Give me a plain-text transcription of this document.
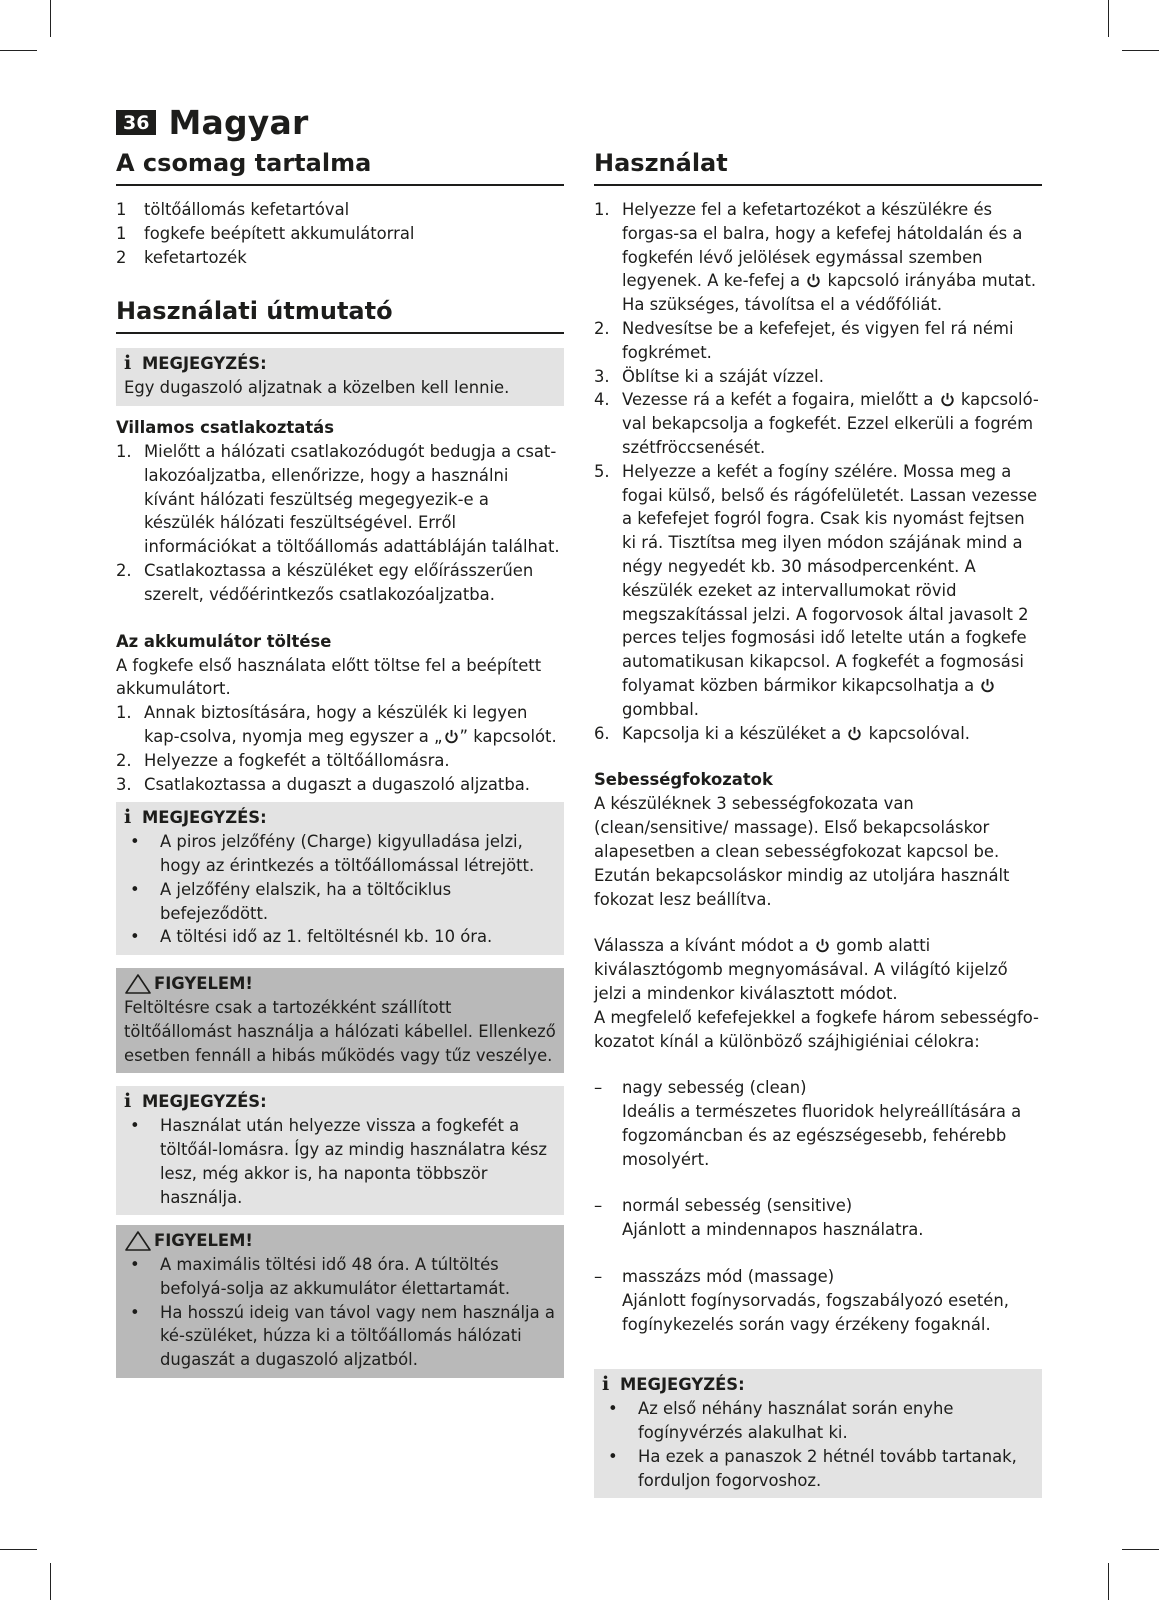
36 Magyar
A csomag tartalma
1	töltőállomás kefetartóval
1	fogkefe beépített akkumulátorral
2	kefetartozék
Használati útmutató
i MEGJEGYZÉS:

Egy dugaszoló aljzatnak a közelben kell lennie.

Villamos csatlakoztatás
1. Mielőtt a hálózati csatlakozódugót bedugja a csat-lakozóaljzatba, ellenőrizze, hogy a használni kívánt hálózati feszültség megegyezik-e a készülék hálózati feszültségével. Erről információkat a töltőállomás adattábláján találhat.
2. Csatlakoztassa a készüléket egy előírásszerűen szerelt, védőérintkezős csatlakozóaljzatba.
Az akkumulátor töltése

A fogkefe első használata előtt töltse fel a beépített akkumulátort.

1. Annak biztosítására, hogy a készülék ki legyen kap-csolva, nyomja meg egyszer a „ ” kapcsolót.
2. Helyezze a fogkefét a töltőállomásra.
3. Csatlakoztassa a dugaszt a dugaszoló aljzatba.
i MEGJEGYZÉS:
•	A piros jelzőfény (Charge) kigyulladása jelzi, hogy az érintkezés a töltőállomással létrejött.
•	A jelzőfény elalszik, ha a töltőciklus befejeződött.
•	A töltési idő az 1. feltöltésnél kb. 10 óra.
FIGYELEM!

Feltöltésre csak a tartozékként szállított töltőállomást használja a hálózati kábellel. Ellenkező esetben fennáll a hibás működés vagy tűz veszélye.

i MEGJEGYZÉS:
•	Használat után helyezze vissza a fogkefét a töltőál-lomásra. Így az mindig használatra kész lesz, még akkor is, ha naponta többször használja.
FIGYELEM!
•	A maximális töltési idő 48 óra. A túltöltés befolyá-solja az akkumulátor élettartamát.
•	Ha hosszú ideig van távol vagy nem használja a ké-szüléket, húzza ki a töltőállomás hálózati dugaszát a dugaszoló aljzatból.
Használat
1. Helyezze fel a kefetartozékot a készülékre és forgas-sa el balra, hogy a kefefej hátoldalán és a fogkefén lévő jelölések egymással szemben legyenek. A ke-fefej a kapcsoló irányába mutat. Ha szükséges, távolítsa el a védőfóliát.
2. Nedvesítse be a kefefejet, és vigyen fel rá némi fogkrémet.
3. Öblítse ki a száját vízzel.
4. Vezesse rá a kefét a fogaira, mielőtt a kapcsoló-val bekapcsolja a fogkefét. Ezzel elkerüli a fogrém szétfröccsenését.
5. Helyezze a kefét a fogíny szélére. Mossa meg a fogai külső, belső és rágófelületét. Lassan vezesse a kefefejet fogról fogra. Csak kis nyomást fejtsen ki rá. Tisztítsa meg ilyen módon szájának mind a négy negyedét kb. 30 másodpercenként. A készülék ezeket az intervallumokat rövid megszakítással jelzi. A fogorvosok által javasolt 2 perces teljes fogmosási idő letelte után a fogkefe automatikusan kikapcsol. A fogkefét a fogmosási folyamat közben bármikor kikapcsolhatja a  gombbal.
6. Kapcsolja ki a készüléket a kapcsolóval.
Sebességfokozatok

A készüléknek 3 sebességfokozata van (clean/sensitive/ massage). Első bekapcsoláskor alapesetben a clean sebességfokozat kapcsol be. Ezután bekapcsoláskor mindig az utoljára használt fokozat lesz beállítva.

Válassza a kívánt módot a gomb alatti kiválasztógomb megnyomásával. A világító kijelző jelzi a mindenkor kiválasztott módot.

A megfelelő kefefejekkel a fogkefe három sebességfo-kozatot kínál a különböző szájhigiéniai célokra:

–	nagy sebesség (clean)
Ideális a természetes fluoridok helyreállítására a fogzománcban és az egészségesebb, fehérebb mosolyért.
–	normál sebesség (sensitive)
Ajánlott a mindennapos használatra.
–	masszázs mód (massage)
Ajánlott fogínysorvadás, fogszabályozó esetén, fogínykezelés során vagy érzékeny fogaknál.
i MEGJEGYZÉS:
•	Az első néhány használat során enyhe fogínyvérzés alakulhat ki.
•	Ha ezek a panaszok 2 hétnél tovább tartanak, forduljon fogorvoshoz.
